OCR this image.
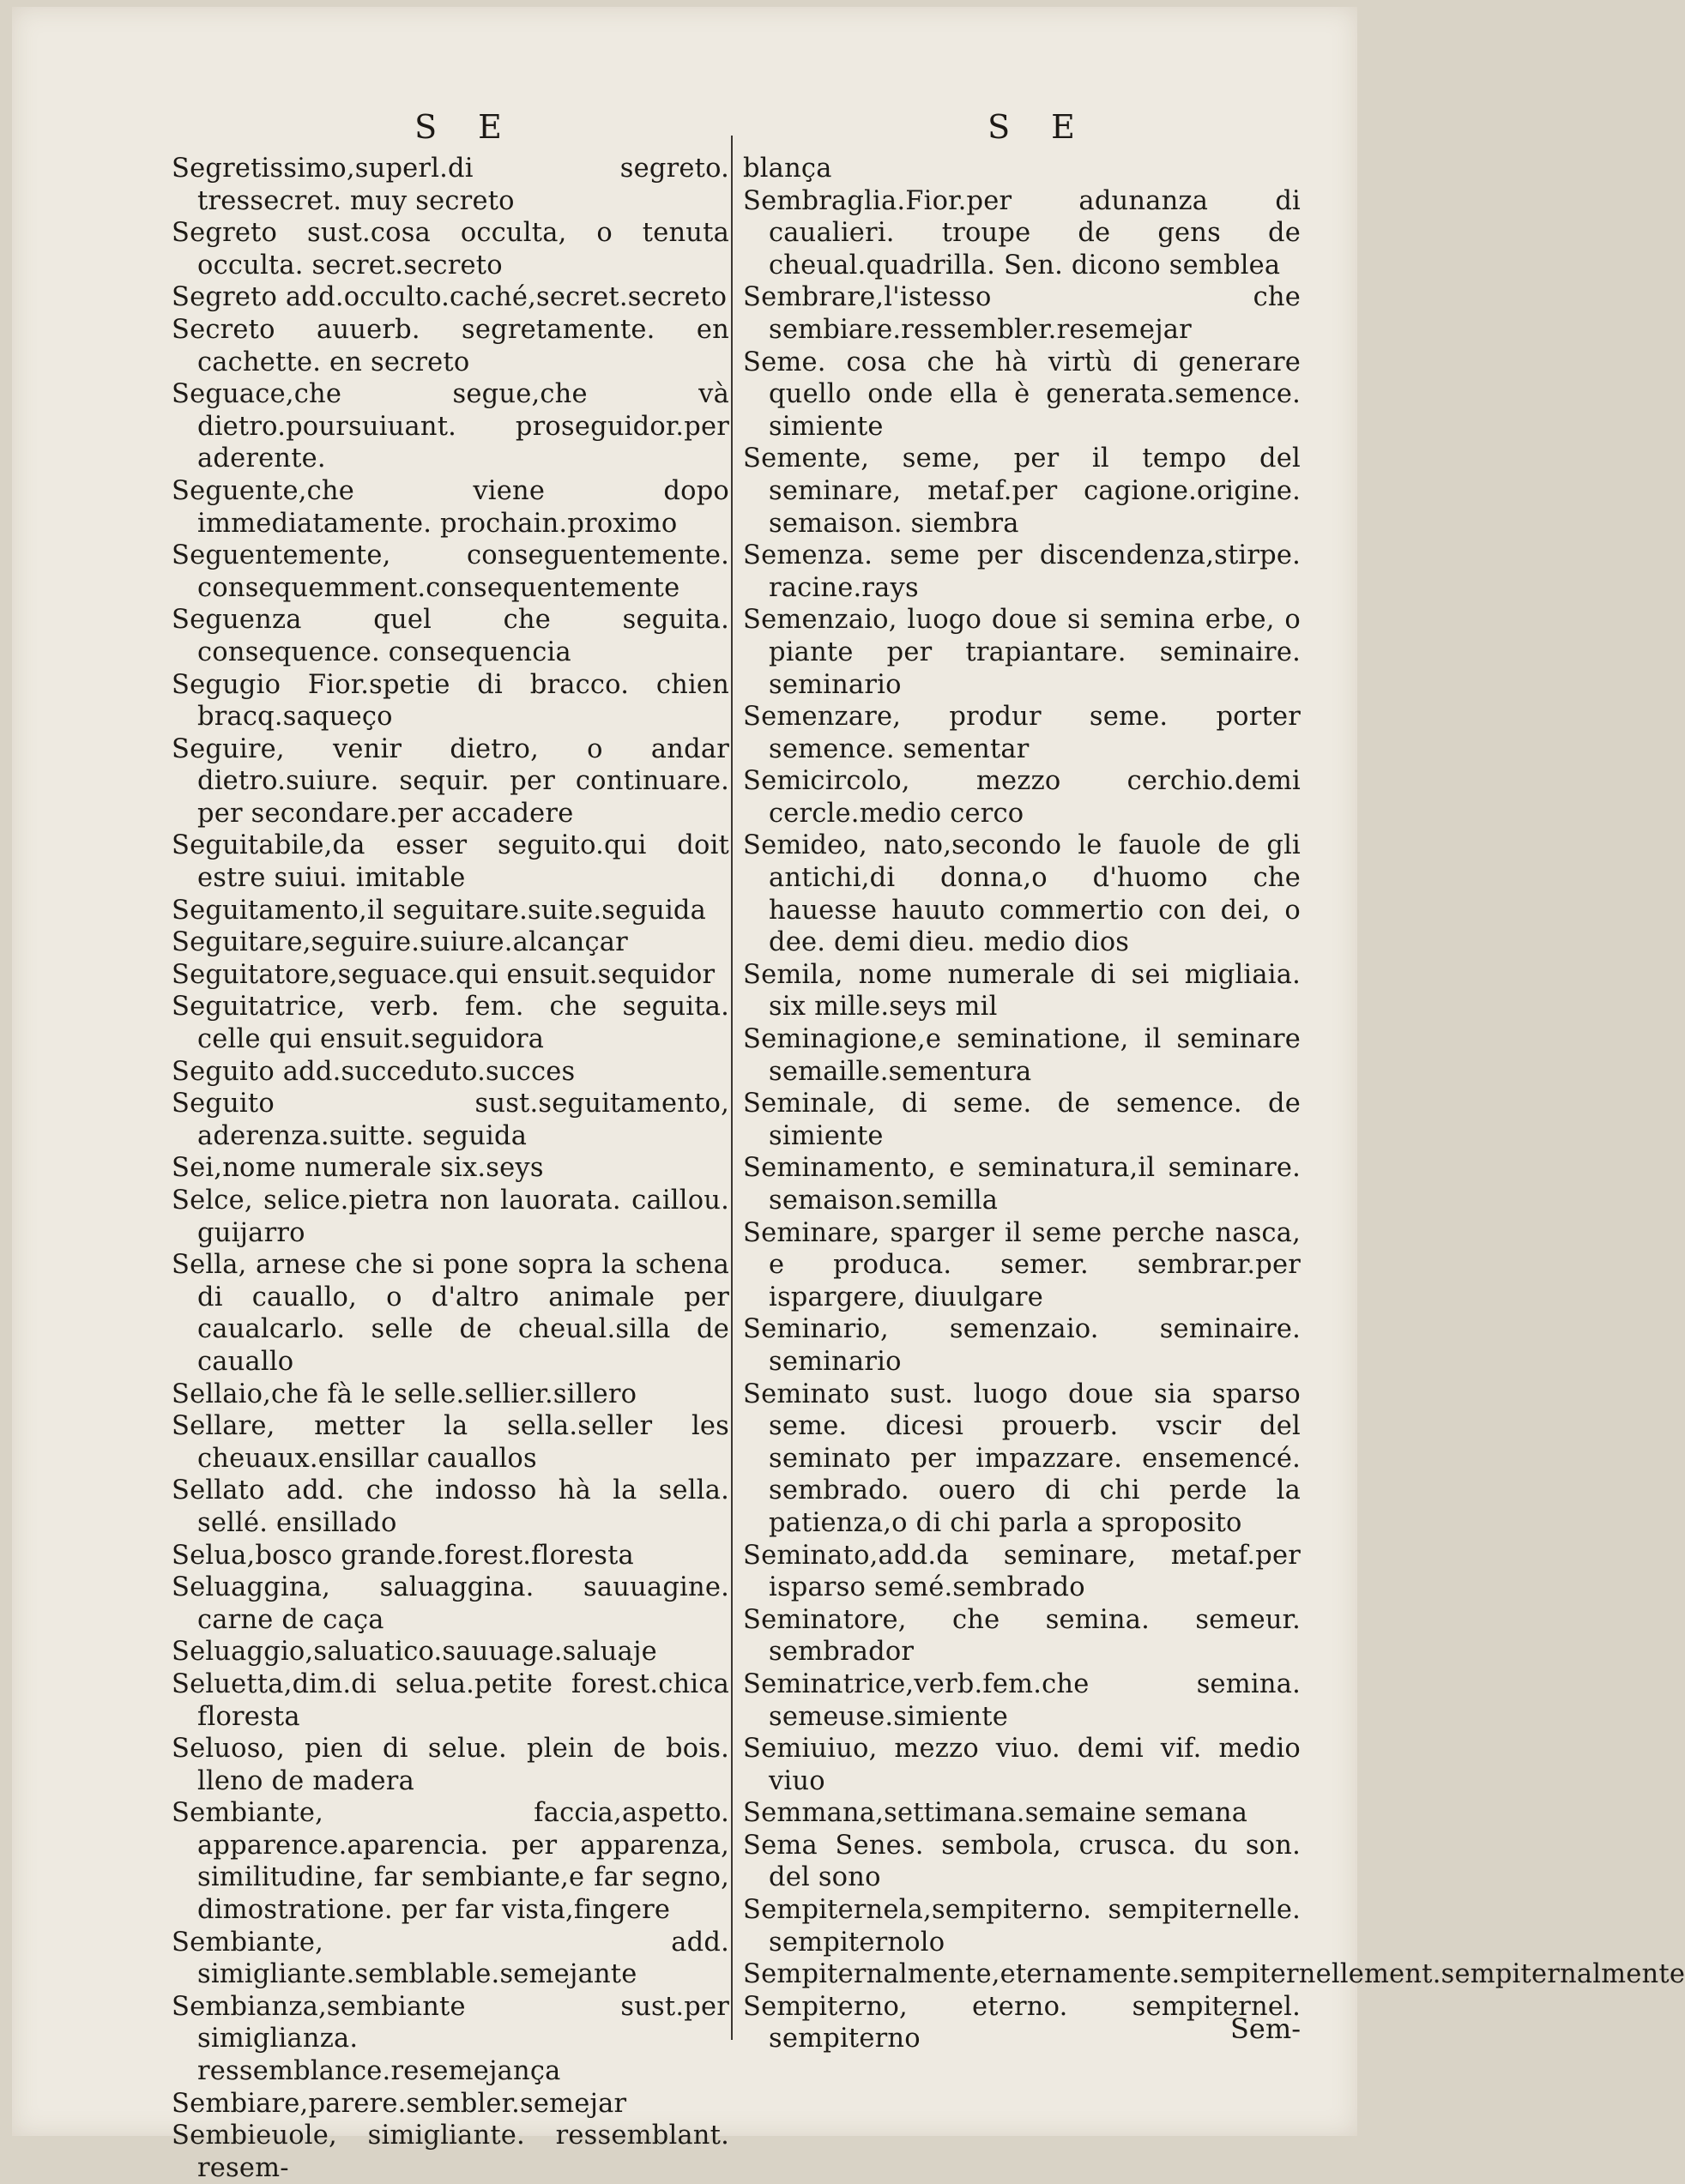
S E
Segretissimo,superl.di segreto. tressecret. muy secreto
Segreto sust.cosa occulta, o tenuta occulta. secret.secreto
Segreto add.occulto.caché,secret.secreto
Secreto auuerb. segretamente. en cachette. en secreto
Seguace,che segue,che và dietro.poursuiuant. proseguidor.per aderente.
Seguente,che viene dopo immediatamente. prochain.proximo
Seguentemente, conseguentemente. consequemment.consequentemente
Seguenza quel che seguita. consequence. consequencia
Segugio Fior.spetie di bracco. chien bracq.saqueço
Seguire, venir dietro, o andar dietro.suiure. sequir. per continuare. per secondare.per accadere
Seguitabile,da esser seguito.qui doit estre suiui. imitable
Seguitamento,il seguitare.suite.seguida
Seguitare,seguire.suiure.alcançar
Seguitatore,seguace.qui ensuit.sequidor
Seguitatrice, verb. fem. che seguita. celle qui ensuit.seguidora
Seguito add.succeduto.succes
Seguito sust.seguitamento, aderenza.suitte. seguida
Sei,nome numerale six.seys
Selce, selice.pietra non lauorata. caillou. guijarro
Sella, arnese che si pone sopra la schena di cauallo, o d'altro animale per caualcarlo. selle de cheual.silla de cauallo
Sellaio,che fà le selle.sellier.sillero
Sellare, metter la sella.seller les cheuaux.ensillar cauallos
Sellato add. che indosso hà la sella. sellé. ensillado
Selua,bosco grande.forest.floresta
Seluaggina, saluaggina. sauuagine. carne de caça
Seluaggio,saluatico.sauuage.saluaje
Seluetta,dim.di selua.petite forest.chica floresta
Seluoso, pien di selue. plein de bois. lleno de madera
Sembiante, faccia,aspetto. apparence.aparencia. per apparenza, similitudine, far sembiante,e far segno, dimostratione. per far vista,fingere
Sembiante, add. simigliante.semblable.semejante
Sembianza,sembiante sust.per simiglianza. ressemblance.resemejança
Sembiare,parere.sembler.semejar
Sembieuole, simigliante. ressemblant. resem-
S E
blança
Sembraglia.Fior.per adunanza di caualieri. troupe de gens de cheual.quadrilla. Sen. dicono semblea
Sembrare,l'istesso che sembiare.ressembler.resemejar
Seme. cosa che hà virtù di generare quello onde ella è generata.semence. simiente
Semente, seme, per il tempo del seminare, metaf.per cagione.origine. semaison. siembra
Semenza. seme per discendenza,stirpe. racine.rays
Semenzaio, luogo doue si semina erbe, o piante per trapiantare. seminaire. seminario
Semenzare, produr seme. porter semence. sementar
Semicircolo, mezzo cerchio.demi cercle.medio cerco
Semideo, nato,secondo le fauole de gli antichi,di donna,o d'huomo che hauesse hauuto commertio con dei, o dee. demi dieu. medio dios
Semila, nome numerale di sei migliaia. six mille.seys mil
Seminagione,e seminatione, il seminare semaille.sementura
Seminale, di seme. de semence. de simiente
Seminamento, e seminatura,il seminare. semaison.semilla
Seminare, sparger il seme perche nasca, e produca. semer. sembrar.per ispargere, diuulgare
Seminario, semenzaio. seminaire. seminario
Seminato sust. luogo doue sia sparso seme. dicesi prouerb. vscir del seminato per impazzare. ensemencé. sembrado. ouero di chi perde la patienza,o di chi parla a sproposito
Seminato,add.da seminare, metaf.per isparso semé.sembrado
Seminatore, che semina. semeur. sembrador
Seminatrice,verb.fem.che semina. semeuse.simiente
Semiuiuo, mezzo viuo. demi vif. medio viuo
Semmana,settimana.semaine semana
Sema Senes. sembola, crusca. du son. del sono
Sempiternela,sempiterno. sempiternelle. sempiternolo
Sempiternalmente,eternamente.sempiternellement.sempiternalmente
Sempiterno, eterno. sempiternel. sempiterno	Sem-
